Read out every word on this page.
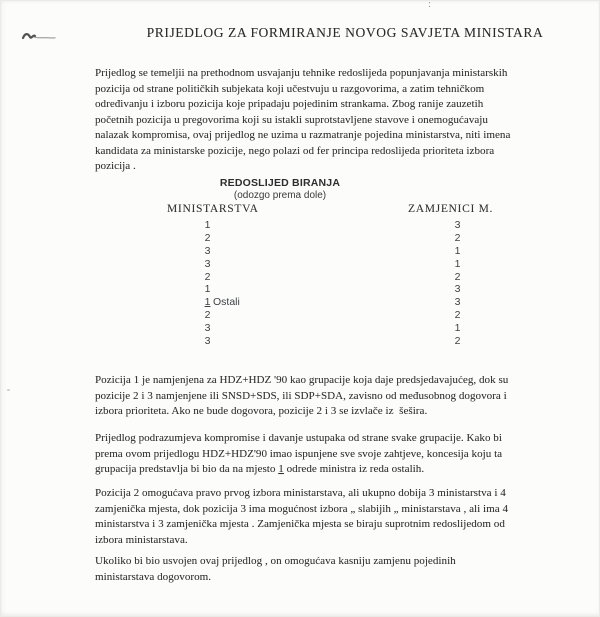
:
PRIJEDLOG ZA FORMIRANJE NOVOG SAVJETA MINISTARA
Prijedlog se temeljii na prethodnom usvajanju tehnike redoslijeda popunjavanja ministarskih
pozicija od strane političkih subjekata koji učestvuju u razgovorima, a zatim tehničkom
određivanju i izboru pozicija koje pripadaju pojedinim strankama. Zbog ranije zauzetih
početnih pozicija u pregovorima koji su istakli suprotstavljene stavove i onemogućavaju
nalazak kompromisa, ovaj prijedlog ne uzima u razmatranje pojedina ministarstva, niti imena
kandidata za ministarske pozicije, nego polazi od fer principa redoslijeda prioriteta izbora
pozicija .
REDOSLIJED BIRANJA
(odozgo prema dole)
MINISTARSTVA	ZAMJENICI M.
1	3
2	2
3	1
3	1
2	2
1	3
1 Ostali	3
2	2
3	1
3	2
Pozicija 1 je namjenjena za HDZ+HDZ '90 kao grupacije koja daje predsjedavajućeg, dok su
pozicije 2 i 3 namjenjene ili SNSD+SDS, ili SDP+SDA, zavisno od međusobnog dogovora i
izbora prioriteta. Ako ne bude dogovora, pozicije 2 i 3 se izvlače iz  šešira.
Prijedlog podrazumjeva kompromise i davanje ustupaka od strane svake grupacije. Kako bi
prema ovom prijedlogu HDZ+HDZ'90 imao ispunjene sve svoje zahtjeve, koncesija koju ta
grupacija predstavlja bi bio da na mjesto 1 odrede ministra iz reda ostalih.
Pozicija 2 omogućava pravo prvog izbora ministarstava, ali ukupno dobija 3 ministarstva i 4
zamjenička mjesta, dok pozicija 3 ima mogućnost izbora „ slabijih „ ministarstava , ali ima 4
ministarstva i 3 zamjenička mjesta . Zamjenička mjesta se biraju suprotnim redoslijedom od
izbora ministarstava.
Ukoliko bi bio usvojen ovaj prijedlog , on omogućava kasniju zamjenu pojedinih
ministarstava dogovorom.
